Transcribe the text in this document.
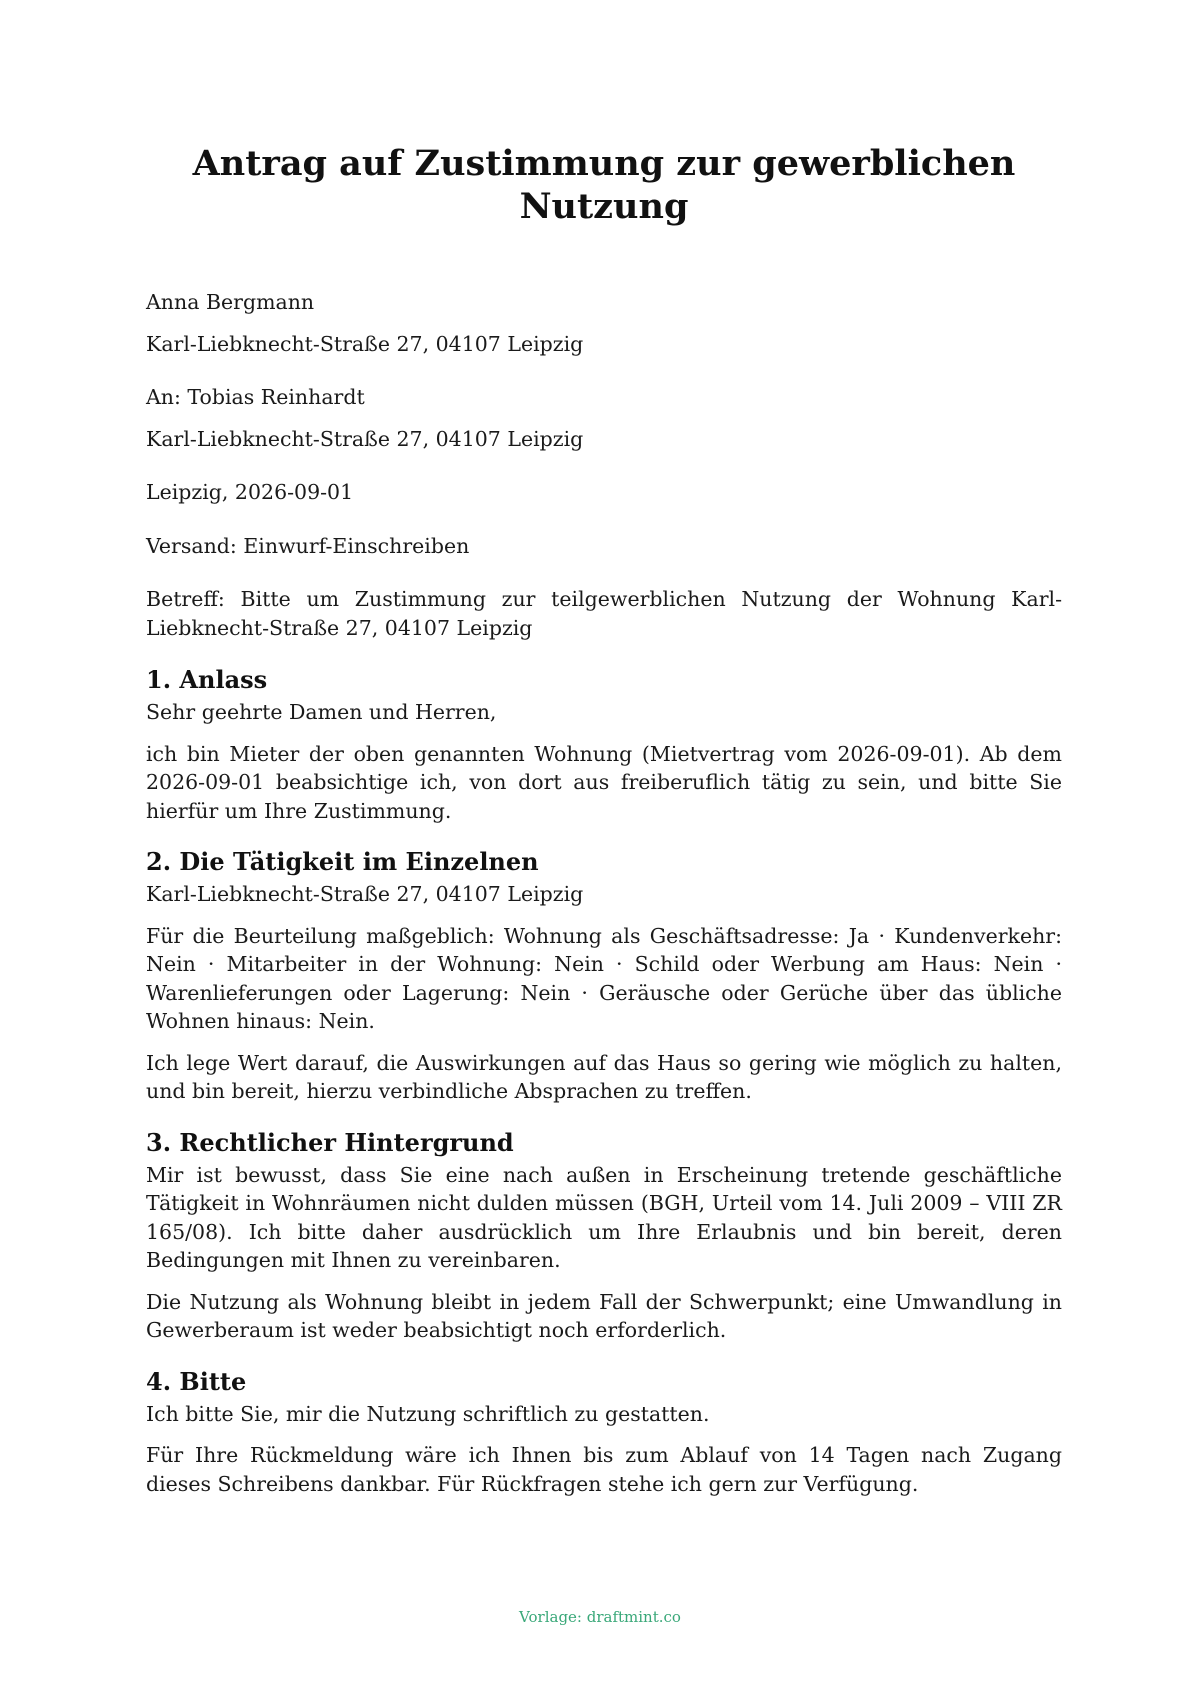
Antrag auf Zustimmung zur gewerblichen Nutzung

Anna Bergmann

Karl-Liebknecht-Straße 27, 04107 Leipzig

An: Tobias Reinhardt

Karl-Liebknecht-Straße 27, 04107 Leipzig

Leipzig, 2026-09-01

Versand: Einwurf-Einschreiben

Betreff: Bitte um Zustimmung zur teilgewerblichen Nutzung der Wohnung Karl-Liebknecht-Straße 27, 04107 Leipzig

1. Anlass

Sehr geehrte Damen und Herren,

ich bin Mieter der oben genannten Wohnung (Mietvertrag vom 2026-09-01). Ab dem 2026-09-01 beabsichtige ich, von dort aus freiberuflich tätig zu sein, und bitte Sie hierfür um Ihre Zustimmung.

2. Die Tätigkeit im Einzelnen

Karl-Liebknecht-Straße 27, 04107 Leipzig

Für die Beurteilung maßgeblich: Wohnung als Geschäftsadresse: Ja · Kundenverkehr: Nein · Mitarbeiter in der Wohnung: Nein · Schild oder Werbung am Haus: Nein · Warenlieferungen oder Lagerung: Nein · Geräusche oder Gerüche über das übliche Wohnen hinaus: Nein.

Ich lege Wert darauf, die Auswirkungen auf das Haus so gering wie möglich zu halten, und bin bereit, hierzu verbindliche Absprachen zu treffen.

3. Rechtlicher Hintergrund

Mir ist bewusst, dass Sie eine nach außen in Erscheinung tretende geschäftliche Tätigkeit in Wohnräumen nicht dulden müssen (BGH, Urteil vom 14. Juli 2009 – VIII ZR 165/08). Ich bitte daher ausdrücklich um Ihre Erlaubnis und bin bereit, deren Bedingungen mit Ihnen zu vereinbaren.

Die Nutzung als Wohnung bleibt in jedem Fall der Schwerpunkt; eine Umwandlung in Gewerberaum ist weder beabsichtigt noch erforderlich.

4. Bitte

Ich bitte Sie, mir die Nutzung schriftlich zu gestatten.

Für Ihre Rückmeldung wäre ich Ihnen bis zum Ablauf von 14 Tagen nach Zugang dieses Schreibens dankbar. Für Rückfragen stehe ich gern zur Verfügung.

Vorlage: draftmint.co
